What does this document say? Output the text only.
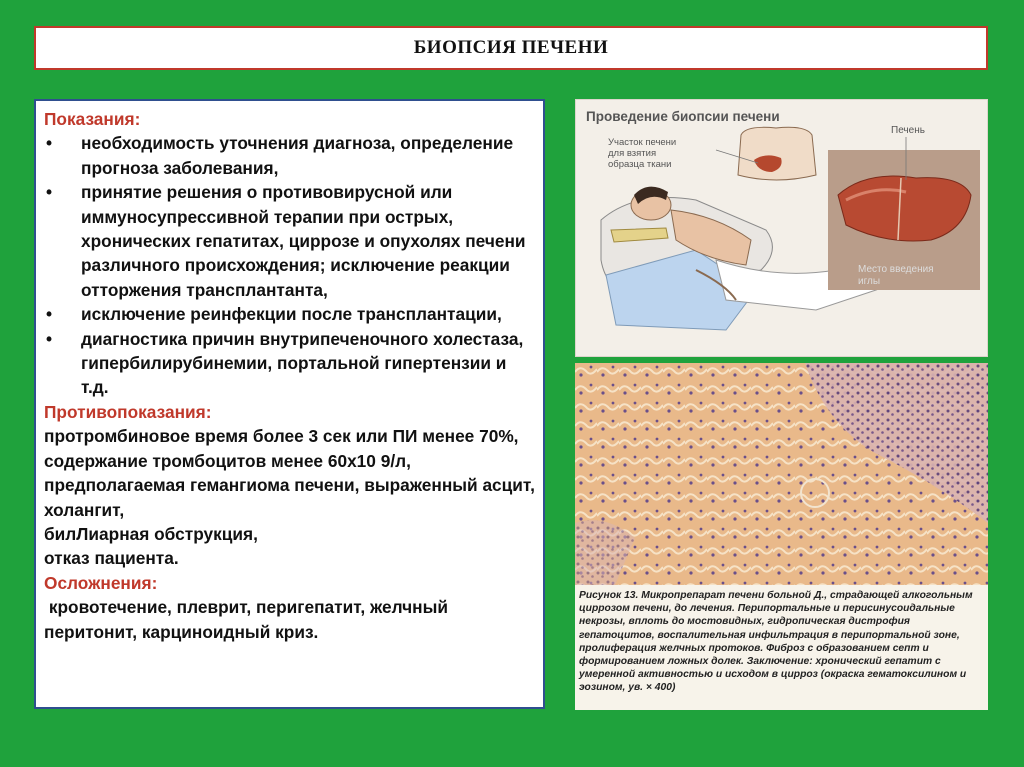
БИОПСИЯ ПЕЧЕНИ
Показания:
• необходимость уточнения диагноза, определение прогноза заболевания,
• принятие решения о противовирусной или иммуносупрессивной терапии при острых, хронических гепатитах, циррозе и опухолях печени различного происхождения; исключение реакции отторжения трансплантанта,
• исключение реинфекции после трансплантации,
• диагностика причин внутрипеченочного холестаза, гипербилирубинемии, портальной гипертензии и т.д.
Противопоказания:
протромбиновое время более 3 сек или ПИ менее 70%, содержание тромбоцитов менее 60х10 9/л, предполагаемая гемангиома печени, выраженный асцит, холангит,
билЛиарная обструкция,
отказ пациента.
Осложнения:
кровотечение, плеврит, перигепатит, желчный перитонит, карциноидный криз.
Проведение биопсии печени
Участок печени для взятия образца ткани
Печень
Место введения иглы
Рисунок 13. Микропрепарат печени больной Д., страдающей алкогольным циррозом печени, до лечения. Перипортальные и перисинусоидальные некрозы, вплоть до мостовидных, гидропическая дистрофия гепатоцитов, воспалительная инфильтрация в перипортальной зоне, пролиферация желчных протоков. Фиброз с образованием септ и формированием ложных долек. Заключение: хронический гепатит с умеренной активностью и исходом в цирроз (окраска гематоксилином и эозином, ув. × 400)
